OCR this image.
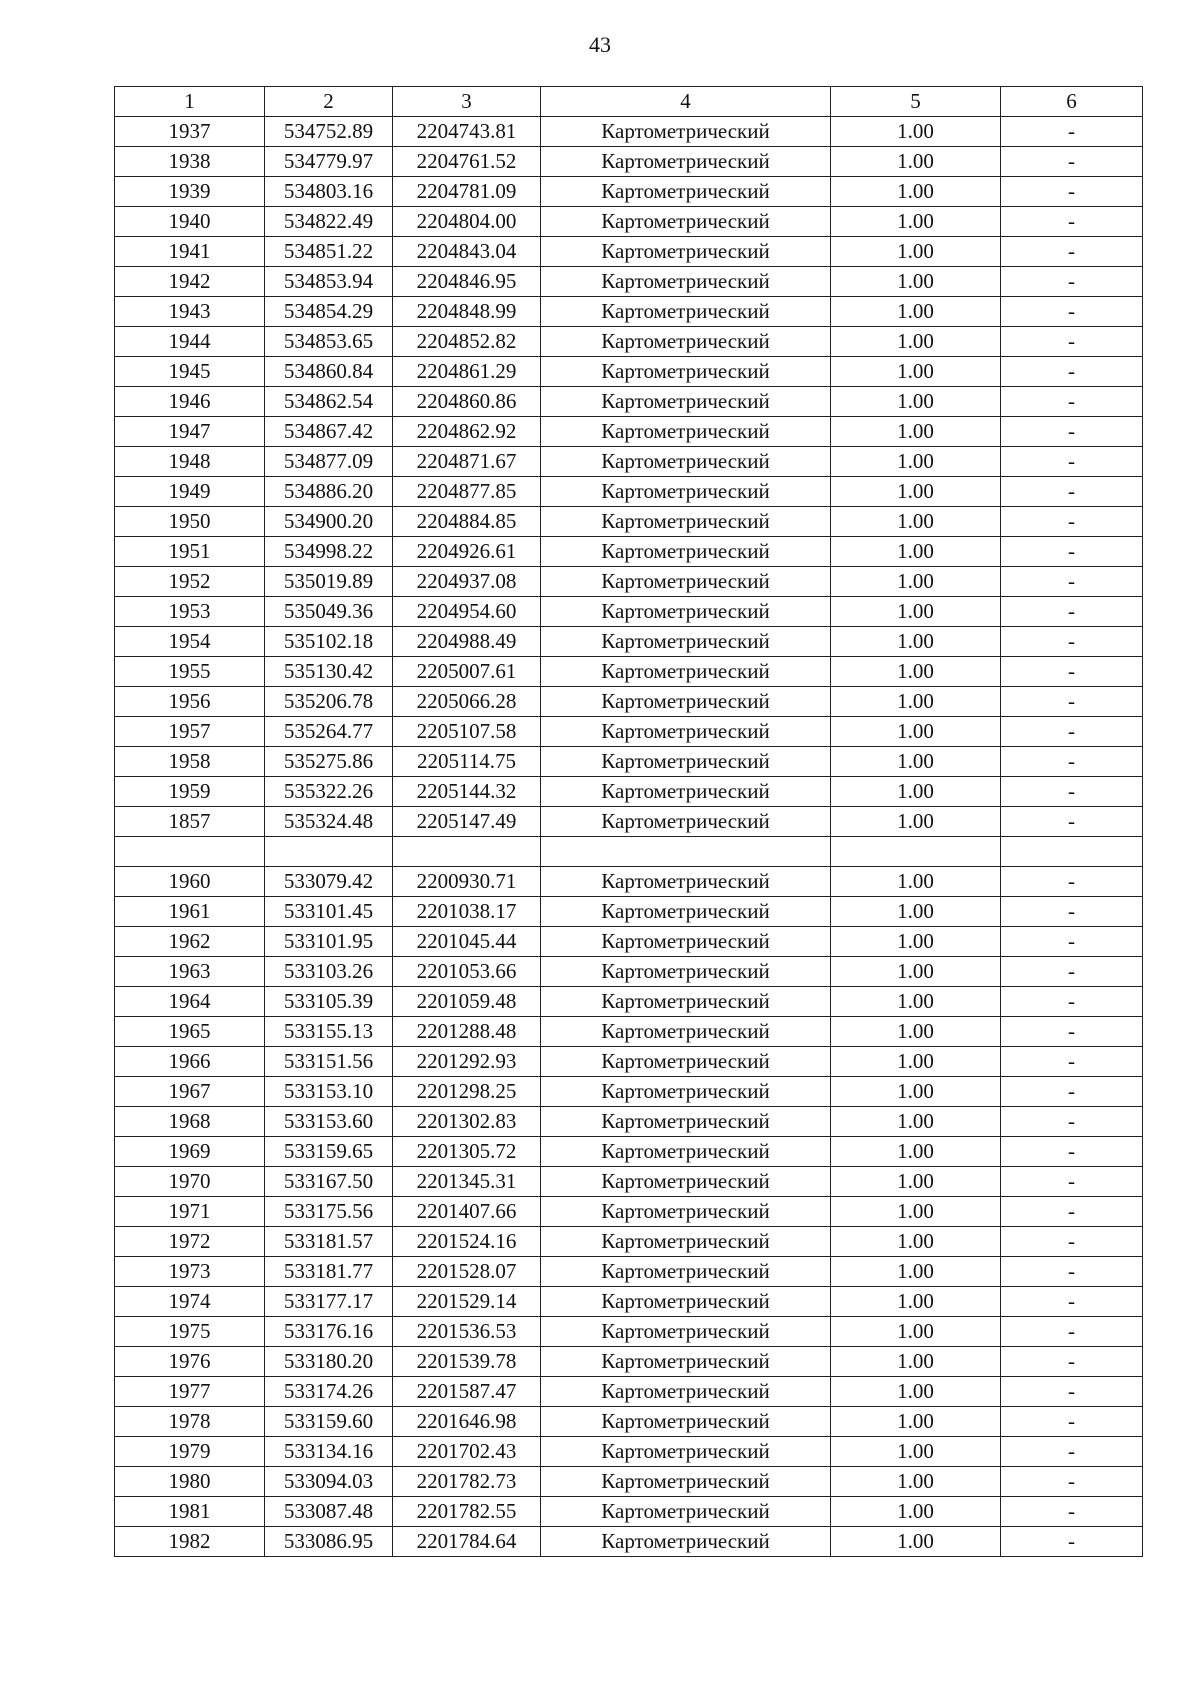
43
1	2	3	4	5	6
1937	534752.89	2204743.81	Картометрический	1.00	-
1938	534779.97	2204761.52	Картометрический	1.00	-
1939	534803.16	2204781.09	Картометрический	1.00	-
1940	534822.49	2204804.00	Картометрический	1.00	-
1941	534851.22	2204843.04	Картометрический	1.00	-
1942	534853.94	2204846.95	Картометрический	1.00	-
1943	534854.29	2204848.99	Картометрический	1.00	-
1944	534853.65	2204852.82	Картометрический	1.00	-
1945	534860.84	2204861.29	Картометрический	1.00	-
1946	534862.54	2204860.86	Картометрический	1.00	-
1947	534867.42	2204862.92	Картометрический	1.00	-
1948	534877.09	2204871.67	Картометрический	1.00	-
1949	534886.20	2204877.85	Картометрический	1.00	-
1950	534900.20	2204884.85	Картометрический	1.00	-
1951	534998.22	2204926.61	Картометрический	1.00	-
1952	535019.89	2204937.08	Картометрический	1.00	-
1953	535049.36	2204954.60	Картометрический	1.00	-
1954	535102.18	2204988.49	Картометрический	1.00	-
1955	535130.42	2205007.61	Картометрический	1.00	-
1956	535206.78	2205066.28	Картометрический	1.00	-
1957	535264.77	2205107.58	Картометрический	1.00	-
1958	535275.86	2205114.75	Картометрический	1.00	-
1959	535322.26	2205144.32	Картометрический	1.00	-
1857	535324.48	2205147.49	Картометрический	1.00	-

1960	533079.42	2200930.71	Картометрический	1.00	-
1961	533101.45	2201038.17	Картометрический	1.00	-
1962	533101.95	2201045.44	Картометрический	1.00	-
1963	533103.26	2201053.66	Картометрический	1.00	-
1964	533105.39	2201059.48	Картометрический	1.00	-
1965	533155.13	2201288.48	Картометрический	1.00	-
1966	533151.56	2201292.93	Картометрический	1.00	-
1967	533153.10	2201298.25	Картометрический	1.00	-
1968	533153.60	2201302.83	Картометрический	1.00	-
1969	533159.65	2201305.72	Картометрический	1.00	-
1970	533167.50	2201345.31	Картометрический	1.00	-
1971	533175.56	2201407.66	Картометрический	1.00	-
1972	533181.57	2201524.16	Картометрический	1.00	-
1973	533181.77	2201528.07	Картометрический	1.00	-
1974	533177.17	2201529.14	Картометрический	1.00	-
1975	533176.16	2201536.53	Картометрический	1.00	-
1976	533180.20	2201539.78	Картометрический	1.00	-
1977	533174.26	2201587.47	Картометрический	1.00	-
1978	533159.60	2201646.98	Картометрический	1.00	-
1979	533134.16	2201702.43	Картометрический	1.00	-
1980	533094.03	2201782.73	Картометрический	1.00	-
1981	533087.48	2201782.55	Картометрический	1.00	-
1982	533086.95	2201784.64	Картометрический	1.00	-
